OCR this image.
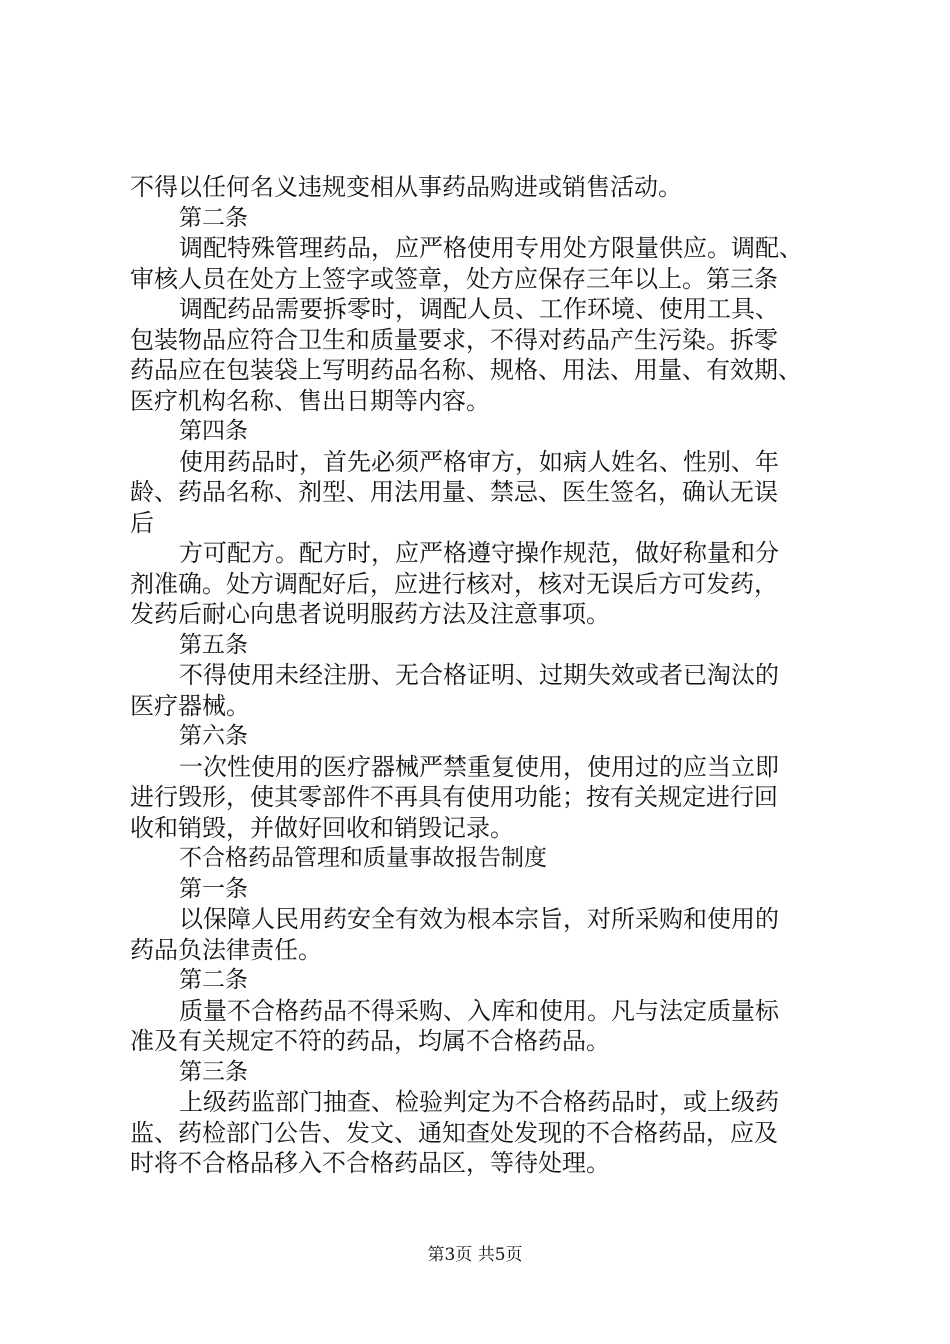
不得以任何名义违规变相从事药品购进或销售活动。
第二条
调配特殊管理药品，应严格使用专用处方限量供应。调配、
审核人员在处方上签字或签章，处方应保存三年以上。第三条
调配药品需要拆零时，调配人员、工作环境、使用工具、
包装物品应符合卫生和质量要求，不得对药品产生污染。拆零
药品应在包装袋上写明药品名称、规格、用法、用量、有效期、
医疗机构名称、售出日期等内容。
第四条
使用药品时，首先必须严格审方，如病人姓名、性别、年
龄、药品名称、剂型、用法用量、禁忌、医生签名，确认无误
后
方可配方。配方时，应严格遵守操作规范，做好称量和分
剂准确。处方调配好后，应进行核对，核对无误后方可发药，
发药后耐心向患者说明服药方法及注意事项。
第五条
不得使用未经注册、无合格证明、过期失效或者已淘汰的
医疗器械。
第六条
一次性使用的医疗器械严禁重复使用，使用过的应当立即
进行毁形，使其零部件不再具有使用功能；按有关规定进行回
收和销毁，并做好回收和销毁记录。
不合格药品管理和质量事故报告制度
第一条
以保障人民用药安全有效为根本宗旨，对所采购和使用的
药品负法律责任。
第二条
质量不合格药品不得采购、入库和使用。凡与法定质量标
准及有关规定不符的药品，均属不合格药品。
第三条
上级药监部门抽查、检验判定为不合格药品时，或上级药
监、药检部门公告、发文、通知查处发现的不合格药品，应及
时将不合格品移入不合格药品区，等待处理。
第3页 共5页
